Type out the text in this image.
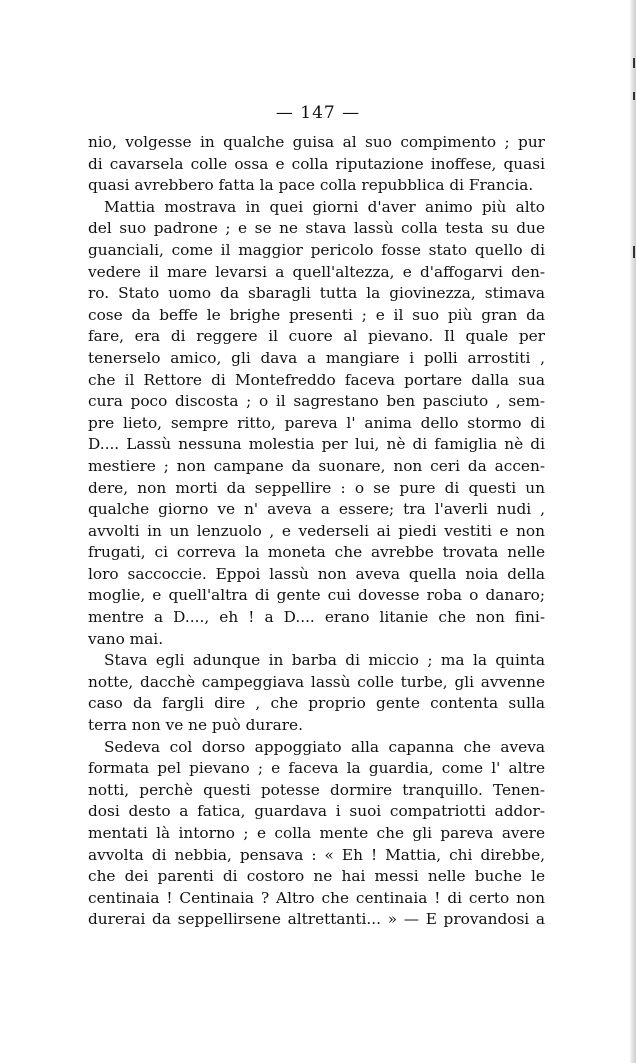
— 147 —
nio, volgesse in qualche guisa al suo compimento ; pur
di cavarsela colle ossa e colla riputazione inoffese, quasi
quasi avrebbero fatta la pace colla repubblica di Francia.
Mattia mostrava in quei giorni d'aver animo più alto
del suo padrone ; e se ne stava lassù colla testa su due
guanciali, come il maggior pericolo fosse stato quello di
vedere il mare levarsi a quell'altezza, e d'affogarvi den-
ro. Stato uomo da sbaragli tutta la giovinezza, stimava
cose da beffe le brighe presenti ; e il suo più gran da
fare, era di reggere il cuore al pievano. Il quale per
tenerselo amico, gli dava a mangiare i polli arrostiti ,
che il Rettore di Montefreddo faceva portare dalla sua
cura poco discosta ; o il sagrestano ben pasciuto , sem-
pre lieto, sempre ritto, pareva l' anima dello stormo di
D.... Lassù nessuna molestia per lui, nè di famiglia nè di
mestiere ; non campane da suonare, non ceri da accen-
dere, non morti da seppellire : o se pure di questi un
qualche giorno ve n' aveva a essere; tra l'averli nudi ,
avvolti in un lenzuolo , e vederseli ai piedi vestiti e non
frugati, ci correva la moneta che avrebbe trovata nelle
loro saccoccie. Eppoi lassù non aveva quella noia della
moglie, e quell'altra di gente cui dovesse roba o danaro;
mentre a D...., eh ! a D.... erano litanie che non fini-
vano mai.
Stava egli adunque in barba di miccio ; ma la quinta
notte, dacchè campeggiava lassù colle turbe, gli avvenne
caso da fargli dire , che proprio gente contenta sulla
terra non ve ne può durare.
Sedeva col dorso appoggiato alla capanna che aveva
formata pel pievano ; e faceva la guardia, come l' altre
notti, perchè questi potesse dormire tranquillo. Tenen-
dosi desto a fatica, guardava i suoi compatriotti addor-
mentati là intorno ; e colla mente che gli pareva avere
avvolta di nebbia, pensava : « Eh ! Mattia, chi direbbe,
che dei parenti di costoro ne hai messi nelle buche le
centinaia ! Centinaia ? Altro che centinaia ! di certo non
durerai da seppellirsene altrettanti... » — E provandosi a
